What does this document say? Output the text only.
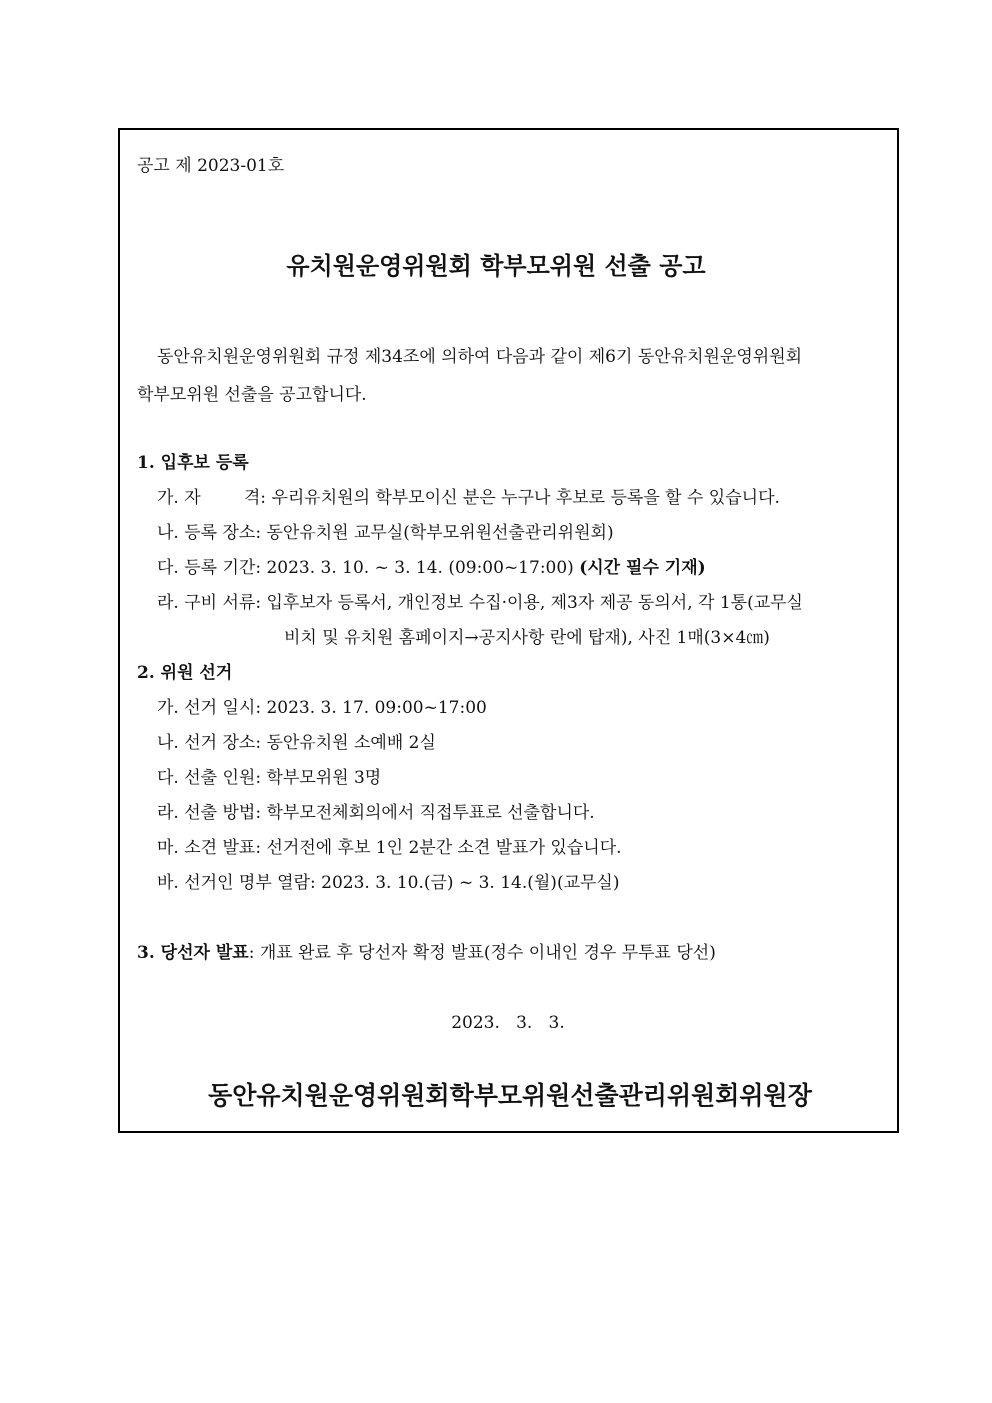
공고 제 2023-01호
유치원운영위원회 학부모위원 선출 공고
동안유치원운영위원회 규정 제34조에 의하여 다음과 같이 제6기 동안유치원운영위원회
학부모위원 선출을 공고합니다.
1. 입후보 등록
가. 자        격: 우리유치원의 학부모이신 분은 누구나 후보로 등록을 할 수 있습니다.
나. 등록 장소: 동안유치원 교무실(학부모위원선출관리위원회)
다. 등록 기간: 2023. 3. 10. ~ 3. 14. (09:00~17:00) (시간 필수 기재)
라. 구비 서류: 입후보자 등록서, 개인정보 수집·이용, 제3자 제공 동의서, 각 1통(교무실
비치 및 유치원 홈페이지→공지사항 란에 탑재), 사진 1매(3×4㎝)
2. 위원 선거
가. 선거 일시: 2023. 3. 17. 09:00~17:00
나. 선거 장소: 동안유치원 소예배 2실
다. 선출 인원: 학부모위원 3명
라. 선출 방법: 학부모전체회의에서 직접투표로 선출합니다.
마. 소견 발표: 선거전에 후보 1인 2분간 소견 발표가 있습니다.
바. 선거인 명부 열람: 2023. 3. 10.(금) ~ 3. 14.(월)(교무실)
3. 당선자 발표: 개표 완료 후 당선자 확정 발표(정수 이내인 경우 무투표 당선)
2023.   3.   3.
동안유치원운영위원회학부모위원선출관리위원회위원장
